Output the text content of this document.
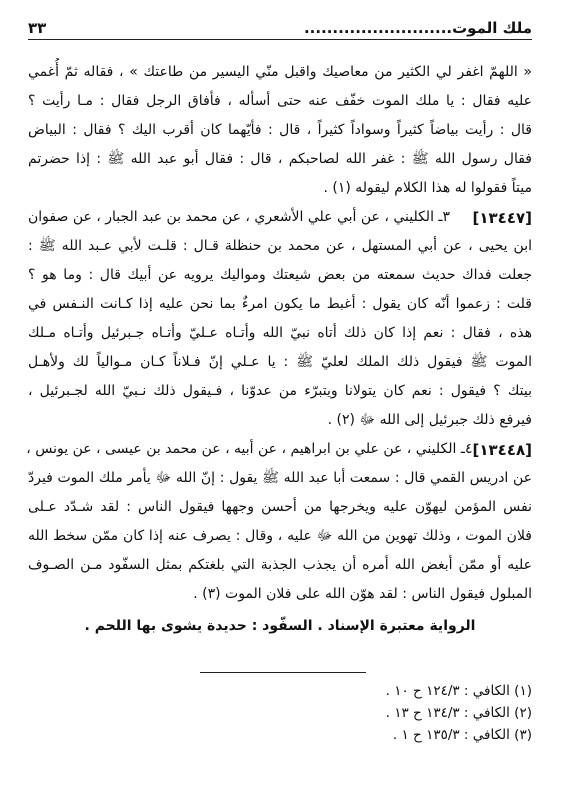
ملك الموت..........................
٣٣

« اللهمّ اغفر لي الكثير من معاصيك واقبل منّي اليسير من طاعتك » ، فقاله ثمّ أُغمي

عليه فقال : يا ملك الموت خفّف عنه حتى أسأله ، فأفاق الرجل فقال : مـا رأيت ؟

قال : رأيت بياضاً كثيراً وسواداً كثيراً ، قال : فأيّهما كان أقرب اليك ؟ فقال : البياض

فقال رسول الله ﷺ : غفر الله لصاحبكم ، قال : فقال أبو عبد الله ﷺ : إذا حضرتم

ميتاً فقولوا له هذا الكلام ليقوله (١) .

[١٣٤٤٧]
٣ـ الكليني ، عن أبي علي الأشعري ، عن محمد بن عبد الجبار ، عن صفوان

ابن يحيى ، عن أبي المستهل ، عن محمد بن حنظلة قـال : قلـت لأبي عـبد الله ﷺ :

جعلت فداك حديث سمعته من بعض شيعتك ومواليك يرويه عن أبيك قال : وما هو ؟

قلت : زعموا أنّه كان يقول : أغبط ما يكون امرءٌ بما نحن عليه إذا كـانت النـفس في

هذه ، فقال : نعم إذا كان ذلك أتاه نبيّ الله وأتـاه عـليّ وأتـاه جـبرئيل وأتـاه مـلك

الموت ﷺ فيقول ذلك الملك لعليّ ﷺ : يا عـلي إنّ فـلاناً كـان مـوالياً لك ولأهـل

بيتك ؟ فيقول : نعم كان يتولانا ويتبرّء من عدوّنا ، فـيقول ذلك نـبيّ الله لجـبرئيل ،

فيرفع ذلك جبرئيل إلى الله ﷻ (٢) .

[١٣٤٤٨]
٤ـ الكليني ، عن علي بن ابراهيم ، عن أبيه ، عن محمد بن عيسى ، عن يونس ،

عن ادريس القمي قال : سمعت أبا عبد الله ﷺ يقول : إنّ الله ﷻ يأمر ملك الموت فيردّ

نفس المؤمن ليهوّن عليه ويخرجها من أحسن وجهها فيقول الناس : لقد شـدّد عـلى

فلان الموت ، وذلك تهوين من الله ﷻ عليه ، وقال : يصرف عنه إذا كان ممّن سخط الله

عليه أو ممّن أبغض الله أمره أن يجذب الجذبة التي بلغتكم بمثل السفّود مـن الصـوف

المبلول فيقول الناس : لقد هوّن الله على فلان الموت (٣) .

الرواية معتبرة الإسناد . السفّود : حديدة يشوى بها اللحم .

(١) الكافي : ١٢٤/٣ ح ١٠ .
(٢) الكافي : ١٣٤/٣ ح ١٣ .
(٣) الكافي : ١٣٥/٣ ح ١ .
